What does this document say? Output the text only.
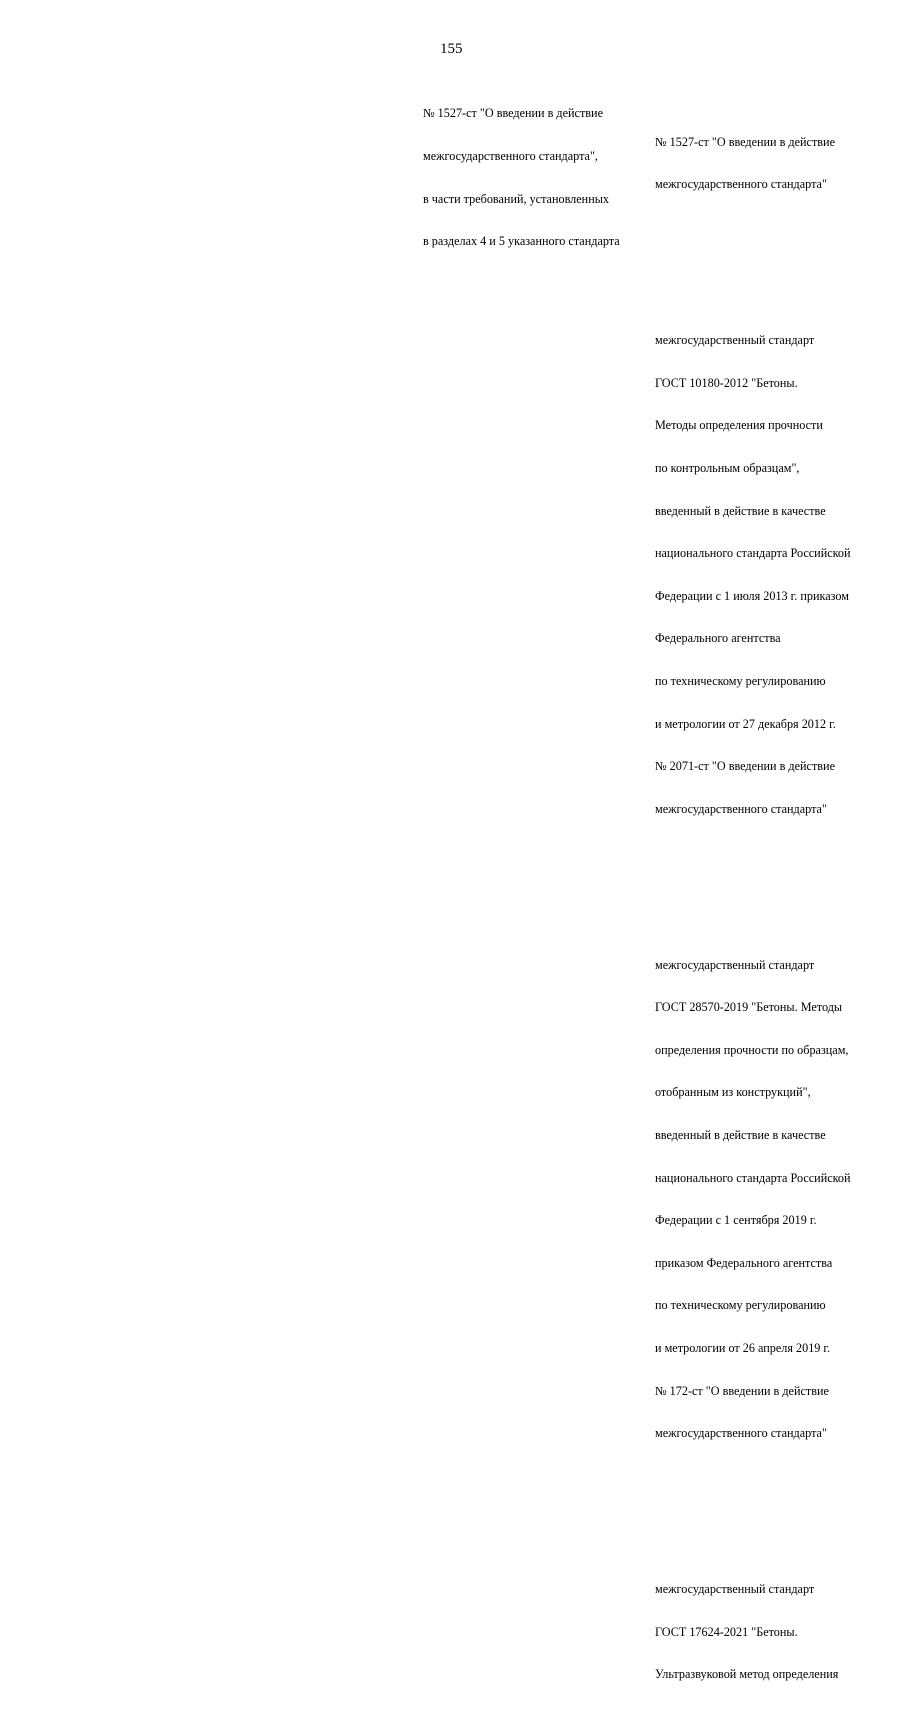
155

№ 1527-ст "О введении в действие

межгосударственного стандарта",

в части требований, установленных

в разделах 4 и 5 указанного стандарта

№ 1527-ст "О введении в действие

межгосударственного стандарта"

межгосударственный стандарт

ГОСТ 10180-2012 "Бетоны.

Методы определения прочности

по контрольным образцам",

введенный в действие в качестве

национального стандарта Российской

Федерации с 1 июля 2013 г. приказом

Федерального агентства

по техническому регулированию

и метрологии от 27 декабря 2012 г.

№ 2071-ст "О введении в действие

межгосударственного стандарта"

межгосударственный стандарт

ГОСТ 28570-2019 "Бетоны. Методы

определения прочности по образцам,

отобранным из конструкций",

введенный в действие в качестве

национального стандарта Российской

Федерации с 1 сентября 2019 г.

приказом Федерального агентства

по техническому регулированию

и метрологии от 26 апреля 2019 г.

№ 172-ст "О введении в действие

межгосударственного стандарта"

межгосударственный стандарт

ГОСТ 17624-2021 "Бетоны.

Ультразвуковой метод определения
